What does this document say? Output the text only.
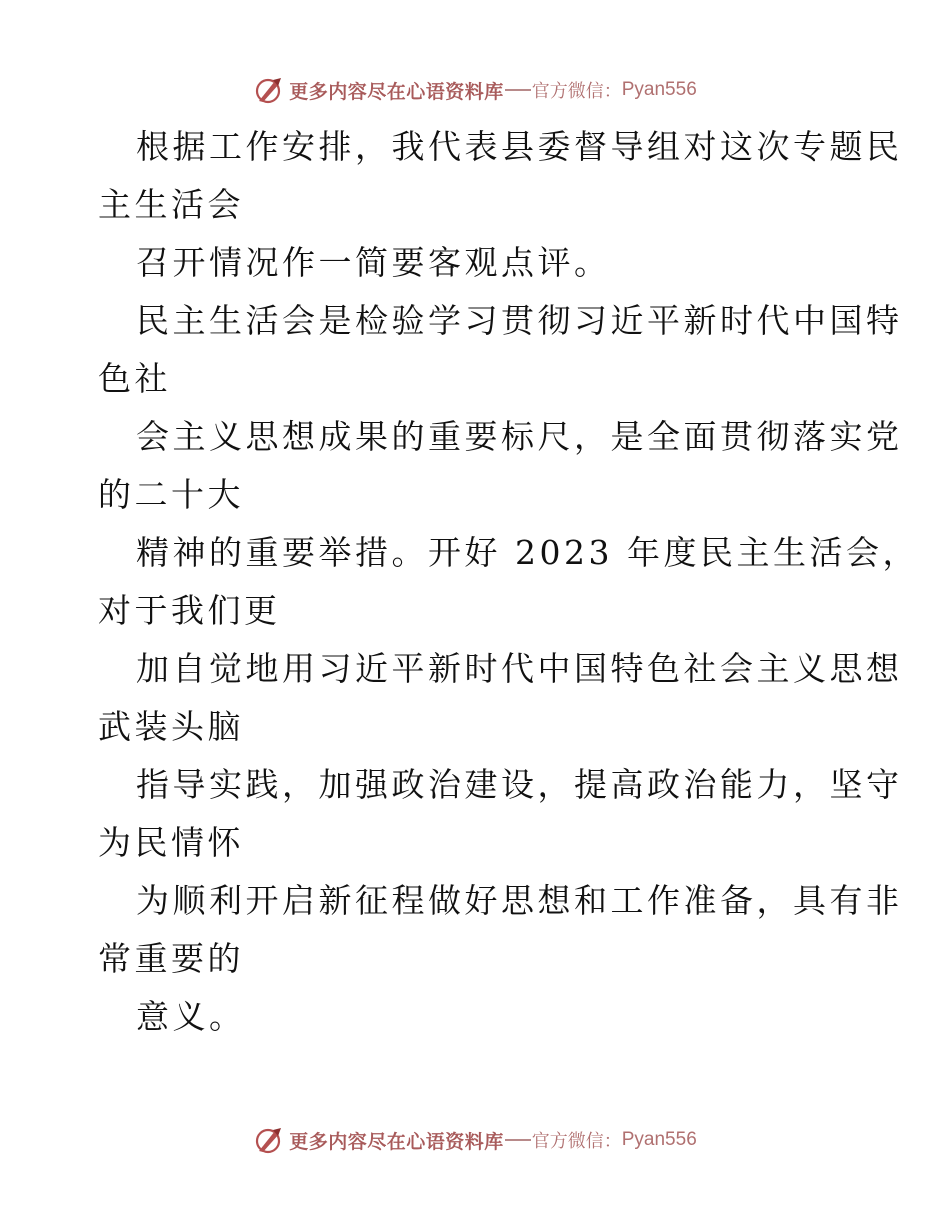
更多内容尽在心语资料库 官方微信： Pyan556
根据工作安排，我代表县委督导组对这次专题民
主生活会
召开情况作一简要客观点评。
民主生活会是检验学习贯彻习近平新时代中国特
色社
会主义思想成果的重要标尺，是全面贯彻落实党
的二十大
精神的重要举措。开好 2023 年度民主生活会，
对于我们更
加自觉地用习近平新时代中国特色社会主义思想
武装头脑
指导实践，加强政治建设，提高政治能力，坚守
为民情怀
为顺利开启新征程做好思想和工作准备，具有非
常重要的
意义。
更多内容尽在心语资料库 官方微信： Pyan556
